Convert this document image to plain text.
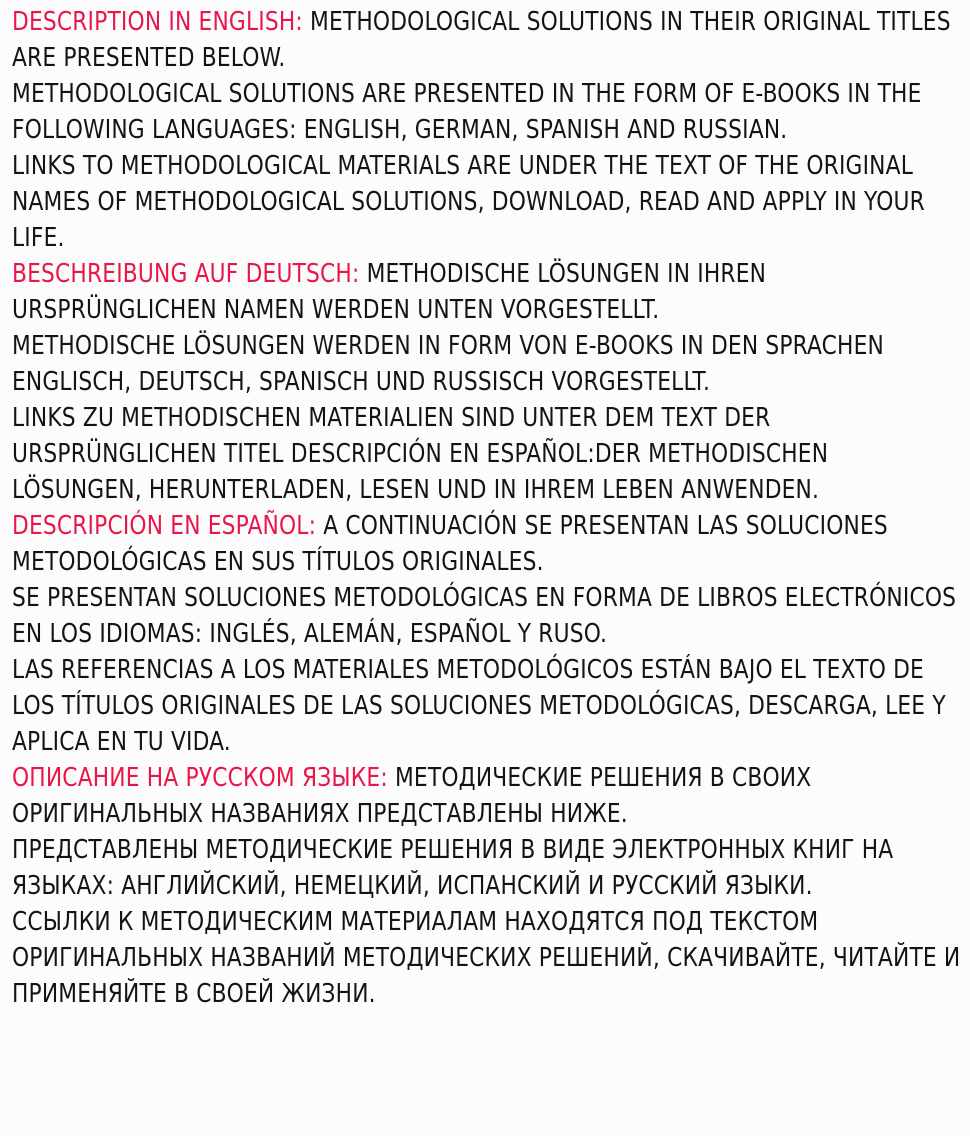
DESCRIPTION IN ENGLISH: METHODOLOGICAL SOLUTIONS IN THEIR ORIGINAL TITLES ARE PRESENTED BELOW.

METHODOLOGICAL SOLUTIONS ARE PRESENTED IN THE FORM OF E-BOOKS IN THE FOLLOWING LANGUAGES: ENGLISH, GERMAN, SPANISH AND RUSSIAN.

LINKS TO METHODOLOGICAL MATERIALS ARE UNDER THE TEXT OF THE ORIGINAL NAMES OF METHODOLOGICAL SOLUTIONS, DOWNLOAD, READ AND APPLY IN YOUR LIFE.

BESCHREIBUNG AUF DEUTSCH: METHODISCHE LÖSUNGEN IN IHREN URSPRÜNGLICHEN NAMEN WERDEN UNTEN VORGESTELLT.

METHODISCHE LÖSUNGEN WERDEN IN FORM VON E-BOOKS IN DEN SPRACHEN ENGLISCH, DEUTSCH, SPANISCH UND RUSSISCH VORGESTELLT.

LINKS ZU METHODISCHEN MATERIALIEN SIND UNTER DEM TEXT DER URSPRÜNGLICHEN TITEL DESCRIPCIÓN EN ESPAÑOL:DER METHODISCHEN LÖSUNGEN, HERUNTERLADEN, LESEN UND IN IHREM LEBEN ANWENDEN.

DESCRIPCIÓN EN ESPAÑOL: A CONTINUACIÓN SE PRESENTAN LAS SOLUCIONES METODOLÓGICAS EN SUS TÍTULOS ORIGINALES.

SE PRESENTAN SOLUCIONES METODOLÓGICAS EN FORMA DE LIBROS ELECTRÓNICOS EN LOS IDIOMAS: INGLÉS, ALEMÁN, ESPAÑOL Y RUSO.

LAS REFERENCIAS A LOS MATERIALES METODOLÓGICOS ESTÁN BAJO EL TEXTO DE LOS TÍTULOS ORIGINALES DE LAS SOLUCIONES METODOLÓGICAS, DESCARGA, LEE Y APLICA EN TU VIDA.

ОПИСАНИЕ НА РУССКОМ ЯЗЫКЕ: МЕТОДИЧЕСКИЕ РЕШЕНИЯ В СВОИХ ОРИГИНАЛЬНЫХ НАЗВАНИЯХ ПРЕДСТАВЛЕНЫ НИЖЕ.

ПРЕДСТАВЛЕНЫ МЕТОДИЧЕСКИЕ РЕШЕНИЯ В ВИДЕ ЭЛЕКТРОННЫХ КНИГ НА ЯЗЫКАХ: АНГЛИЙСКИЙ, НЕМЕЦКИЙ, ИСПАНСКИЙ И РУССКИЙ ЯЗЫКИ.

ССЫЛКИ К МЕТОДИЧЕСКИМ МАТЕРИАЛАМ НАХОДЯТСЯ ПОД ТЕКСТОМ ОРИГИНАЛЬНЫХ НАЗВАНИЙ МЕТОДИЧЕСКИХ РЕШЕНИЙ, СКАЧИВАЙТЕ, ЧИТАЙТЕ И ПРИМЕНЯЙТЕ В СВОЕЙ ЖИЗНИ.
